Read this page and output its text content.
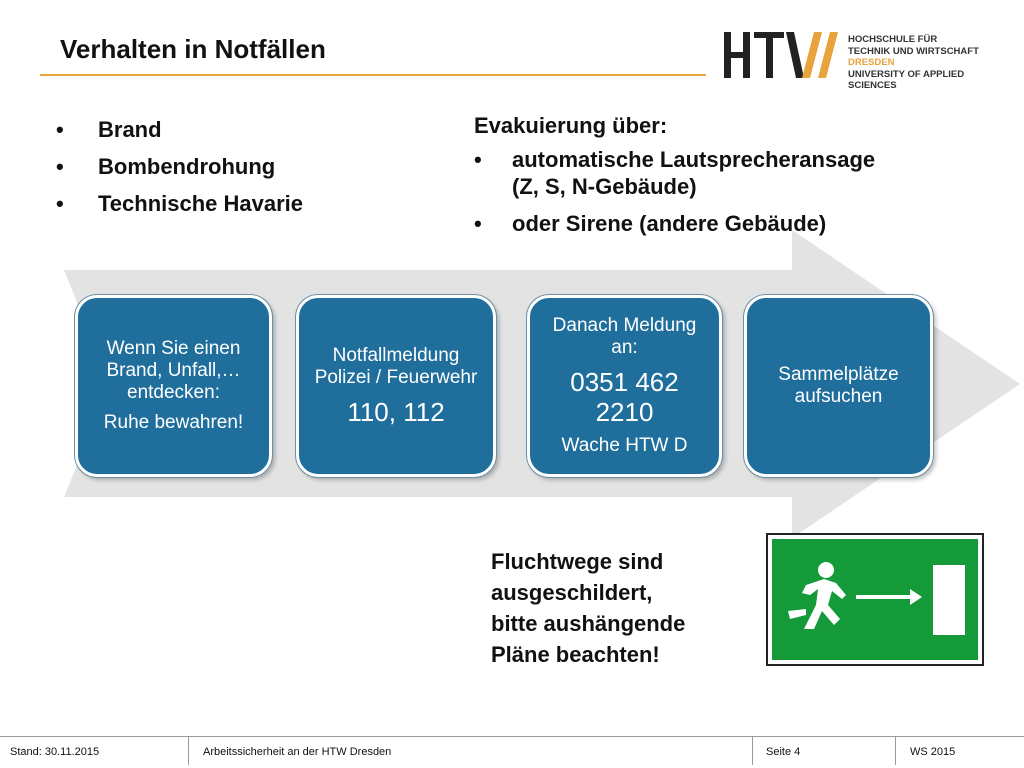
Verhalten in Notfällen	HOCHSCHULE FÜR
TECHNIK UND WIRTSCHAFT
DRESDEN
UNIVERSITY OF APPLIED SCIENCES
•	Brand
•	Bombendrohung
•	Technische Havarie
Evakuierung über:
•	automatische Lautsprecheransage
(Z, S, N-Gebäude)
•	oder Sirene (andere Gebäude)
Wenn Sie einen Brand, Unfall,… entdecken:
Ruhe bewahren!
Notfallmeldung Polizei / Feuerwehr
110, 112
Danach Meldung an:
0351 462 2210
Wache HTW D
Sammelplätze aufsuchen
Fluchtwege sind
ausgeschildert,
bitte aushängende
Pläne beachten!
Stand: 30.11.2015	Arbeitssicherheit an der HTW Dresden	Seite 4	WS 2015
